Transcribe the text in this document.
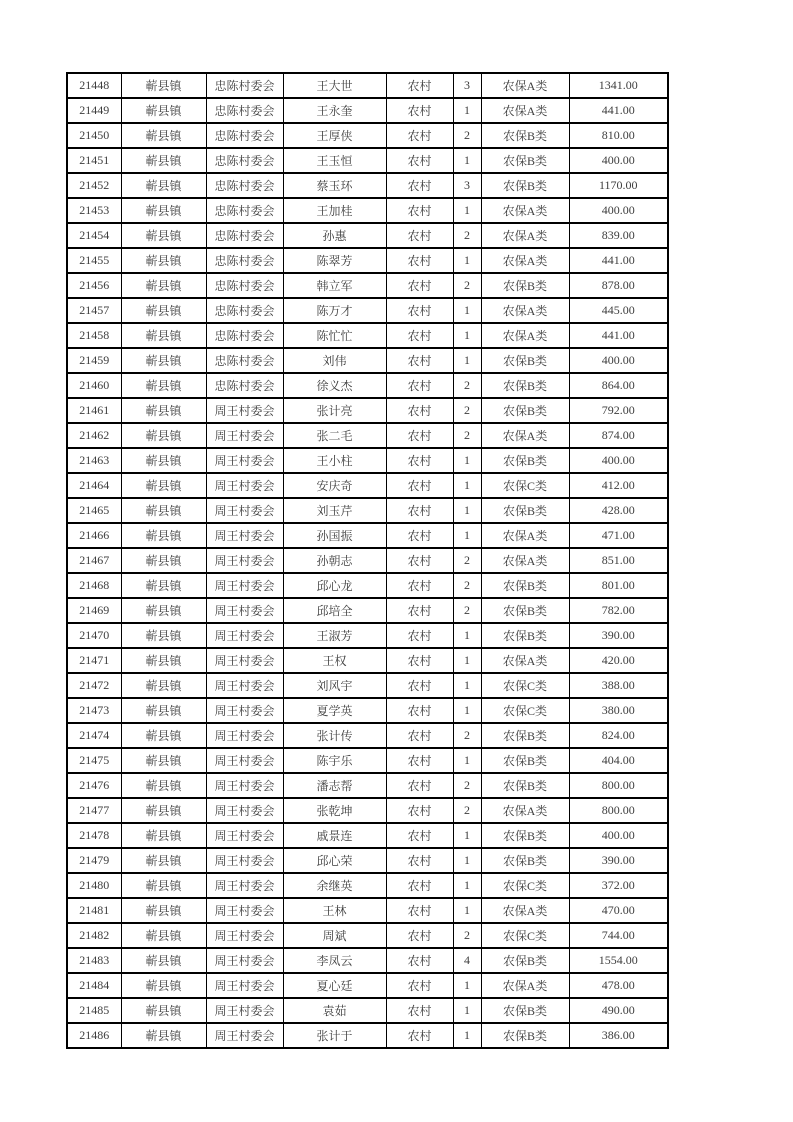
21448	蕲县镇	忠陈村委会	王大世	农村	3	农保A类	1341.00
21449	蕲县镇	忠陈村委会	王永奎	农村	1	农保A类	441.00
21450	蕲县镇	忠陈村委会	王厚侠	农村	2	农保B类	810.00
21451	蕲县镇	忠陈村委会	王玉恒	农村	1	农保B类	400.00
21452	蕲县镇	忠陈村委会	蔡玉环	农村	3	农保B类	1170.00
21453	蕲县镇	忠陈村委会	王加桂	农村	1	农保A类	400.00
21454	蕲县镇	忠陈村委会	孙惠	农村	2	农保A类	839.00
21455	蕲县镇	忠陈村委会	陈翠芳	农村	1	农保A类	441.00
21456	蕲县镇	忠陈村委会	韩立军	农村	2	农保B类	878.00
21457	蕲县镇	忠陈村委会	陈万才	农村	1	农保A类	445.00
21458	蕲县镇	忠陈村委会	陈忙忙	农村	1	农保A类	441.00
21459	蕲县镇	忠陈村委会	刘伟	农村	1	农保B类	400.00
21460	蕲县镇	忠陈村委会	徐义杰	农村	2	农保B类	864.00
21461	蕲县镇	周王村委会	张计亮	农村	2	农保B类	792.00
21462	蕲县镇	周王村委会	张二毛	农村	2	农保A类	874.00
21463	蕲县镇	周王村委会	王小柱	农村	1	农保B类	400.00
21464	蕲县镇	周王村委会	安庆奇	农村	1	农保C类	412.00
21465	蕲县镇	周王村委会	刘玉芹	农村	1	农保B类	428.00
21466	蕲县镇	周王村委会	孙国振	农村	1	农保A类	471.00
21467	蕲县镇	周王村委会	孙朝志	农村	2	农保A类	851.00
21468	蕲县镇	周王村委会	邱心龙	农村	2	农保B类	801.00
21469	蕲县镇	周王村委会	邱培全	农村	2	农保B类	782.00
21470	蕲县镇	周王村委会	王淑芳	农村	1	农保B类	390.00
21471	蕲县镇	周王村委会	王权	农村	1	农保A类	420.00
21472	蕲县镇	周王村委会	刘风宇	农村	1	农保C类	388.00
21473	蕲县镇	周王村委会	夏学英	农村	1	农保C类	380.00
21474	蕲县镇	周王村委会	张计传	农村	2	农保B类	824.00
21475	蕲县镇	周王村委会	陈宇乐	农村	1	农保B类	404.00
21476	蕲县镇	周王村委会	潘志帮	农村	2	农保B类	800.00
21477	蕲县镇	周王村委会	张乾坤	农村	2	农保A类	800.00
21478	蕲县镇	周王村委会	戚景连	农村	1	农保B类	400.00
21479	蕲县镇	周王村委会	邱心荣	农村	1	农保B类	390.00
21480	蕲县镇	周王村委会	余继英	农村	1	农保C类	372.00
21481	蕲县镇	周王村委会	王林	农村	1	农保A类	470.00
21482	蕲县镇	周王村委会	周斌	农村	2	农保C类	744.00
21483	蕲县镇	周王村委会	李凤云	农村	4	农保B类	1554.00
21484	蕲县镇	周王村委会	夏心廷	农村	1	农保A类	478.00
21485	蕲县镇	周王村委会	袁茹	农村	1	农保B类	490.00
21486	蕲县镇	周王村委会	张计于	农村	1	农保B类	386.00
